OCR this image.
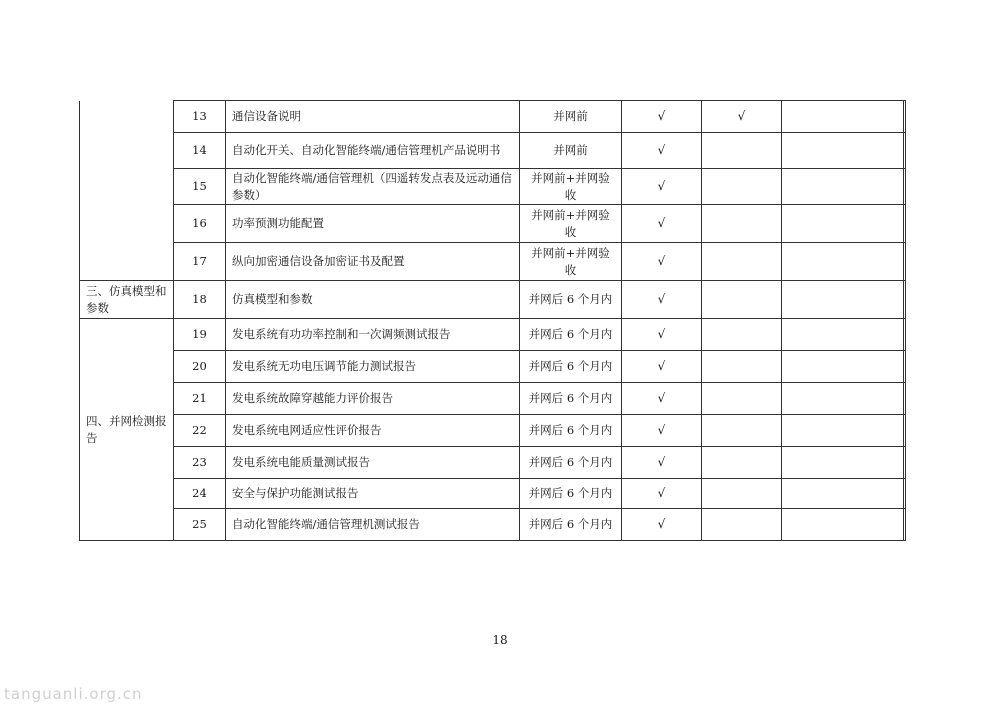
	13	通信设备说明	并网前	√	√	
	14	自动化开关、自动化智能终端/通信管理机产品说明书	并网前	√		
	15	自动化智能终端/通信管理机（四遥转发点表及远动通信参数）	并网前+并网验收	√		
	16	功率预测功能配置	并网前+并网验收	√		
	17	纵向加密通信设备加密证书及配置	并网前+并网验收	√		
三、仿真模型和参数	18	仿真模型和参数	并网后 6 个月内	√		
四、并网检测报告	19	发电系统有功功率控制和一次调频测试报告	并网后 6 个月内	√		
	20	发电系统无功电压调节能力测试报告	并网后 6 个月内	√		
	21	发电系统故障穿越能力评价报告	并网后 6 个月内	√		
	22	发电系统电网适应性评价报告	并网后 6 个月内	√		
	23	发电系统电能质量测试报告	并网后 6 个月内	√		
	24	安全与保护功能测试报告	并网后 6 个月内	√		
	25	自动化智能终端/通信管理机测试报告	并网后 6 个月内	√		
18
tanguanli.org.cn
